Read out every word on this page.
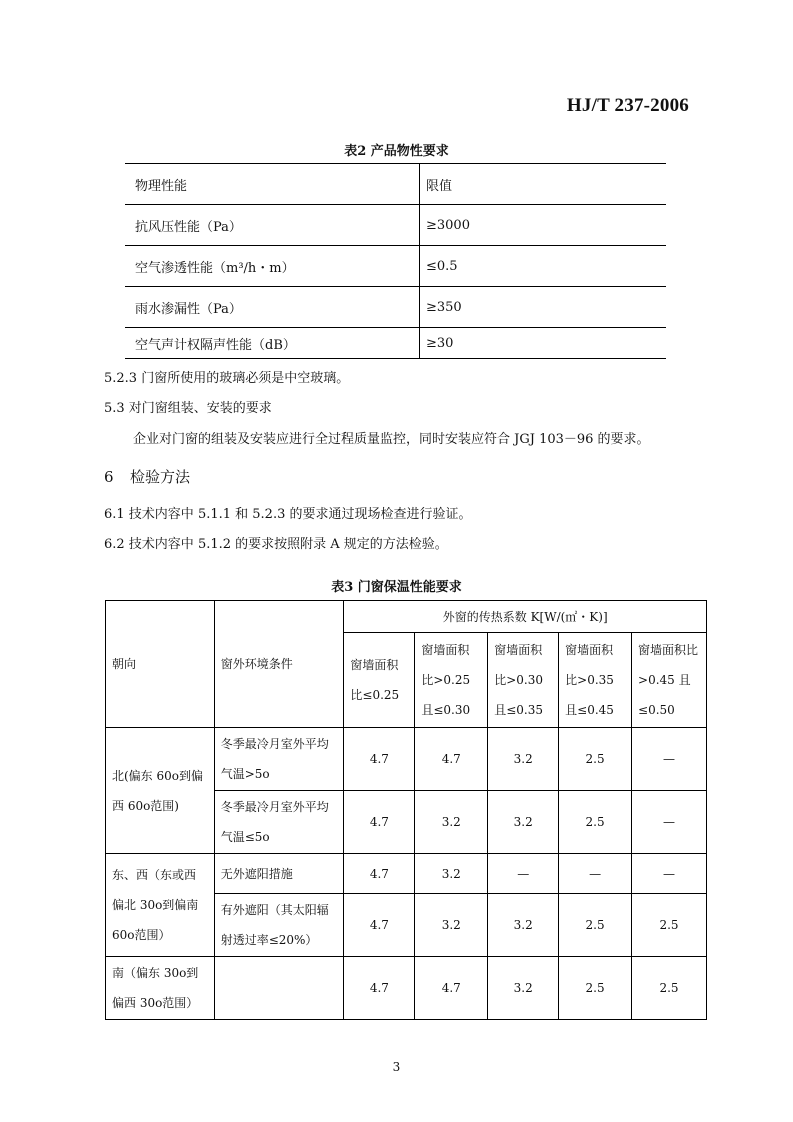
HJ/T 237-2006
表2 产品物性要求
物理性能	限值
抗风压性能（Pa）	≥3000
空气渗透性能（m³/h・m）	≤0.5
雨水渗漏性（Pa）	≥350
空气声计权隔声性能（dB）	≥30
5.2.3 门窗所使用的玻璃必须是中空玻璃。
5.3 对门窗组装、安装的要求
企业对门窗的组装及安装应进行全过程质量监控，同时安装应符合 JGJ 103－96 的要求。
6 检验方法
6.1 技术内容中 5.1.1 和 5.2.3 的要求通过现场检查进行验证。
6.2 技术内容中 5.1.2 的要求按照附录 A 规定的方法检验。
表3 门窗保温性能要求
朝向	窗外环境条件	外窗的传热系数 K[W/(㎡・K)]				
		窗墙面积比≤0.25	窗墙面积比>0.25 且≤0.30	窗墙面积比>0.30 且≤0.35	窗墙面积比>0.35 且≤0.45	窗墙面积比>0.45 且≤0.50
北(偏东 60o到偏西 60o范围)	冬季最冷月室外平均气温>5o	4.7	4.7	3.2	2.5	—
	冬季最冷月室外平均气温≤5o	4.7	3.2	3.2	2.5	—
东、西（东或西偏北 30o到偏南 60o范围）	无外遮阳措施	4.7	3.2	—	—	—
	有外遮阳（其太阳辐射透过率≤20%）	4.7	3.2	3.2	2.5	2.5
南（偏东 30o到偏西 30o范围）		4.7	4.7	3.2	2.5	2.5
3
